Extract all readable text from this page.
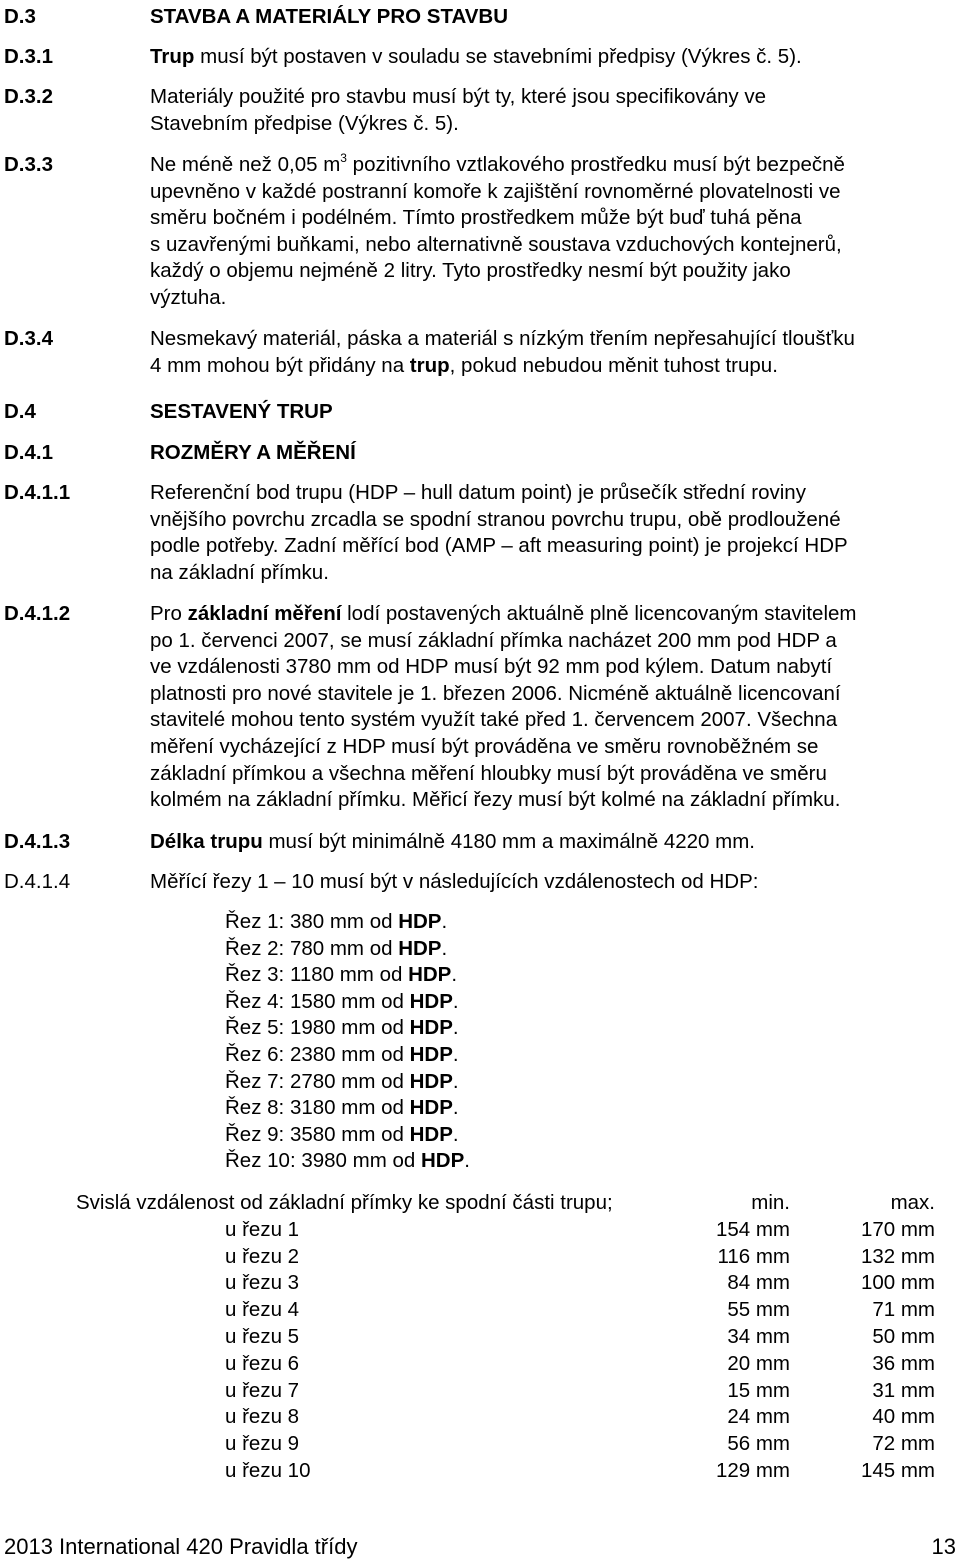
D.3	STAVBA A MATERIÁLY PRO STAVBU
D.3.1	Trup musí být postaven v souladu se stavebními předpisy (Výkres č. 5).
D.3.2	Materiály použité pro stavbu musí být ty, které jsou specifikovány ve
Stavebním předpise (Výkres č. 5).
D.3.3	Ne méně než 0,05 $m^3$ pozitivního vztlakového prostředku musí být bezpečně
upevněno v každé postranní komoře k zajištění rovnoměrné plovatelnosti ve
směru bočném i podélném. Tímto prostředkem může být buď tuhá pěna
s uzavřenými buňkami, nebo alternativně soustava vzduchových kontejnerů,
každý o objemu nejméně 2 litry. Tyto prostředky nesmí být použity jako
výztuha.
D.3.4	Nesmekavý materiál, páska a materiál s nízkým třením nepřesahující tloušťku
4 mm mohou být přidány na trup, pokud nebudou měnit tuhost trupu.
D.4	SESTAVENÝ TRUP
D.4.1	ROZMĚRY A MĚŘENÍ
D.4.1.1	Referenční bod trupu (HDP – hull datum point) je průsečík střední roviny
vnějšího povrchu zrcadla se spodní stranou povrchu trupu, obě prodloužené
podle potřeby. Zadní měřící bod (AMP – aft measuring point) je projekcí HDP
na základní přímku.
D.4.1.2	Pro základní měření lodí postavených aktuálně plně licencovaným stavitelem
po 1. červenci 2007, se musí základní přímka nacházet 200 mm pod HDP a
ve vzdálenosti 3780 mm od HDP musí být 92 mm pod kýlem. Datum nabytí
platnosti pro nové stavitele je 1. březen 2006. Nicméně aktuálně licencovaní
stavitelé mohou tento systém využít také před 1. červencem 2007. Všechna
měření vycházející z HDP musí být prováděna ve směru rovnoběžném se
základní přímkou a všechna měření hloubky musí být prováděna ve směru
kolmém na základní přímku. Měřicí řezy musí být kolmé na základní přímku.
D.4.1.3	Délka trupu musí být minimálně 4180 mm a maximálně 4220 mm.
D.4.1.4	Měřící řezy 1 – 10 musí být v následujících vzdálenostech od HDP:
Řez 1: 380 mm od HDP.
Řez 2: 780 mm od HDP.
Řez 3: 1180 mm od HDP.
Řez 4: 1580 mm od HDP.
Řez 5: 1980 mm od HDP.
Řez 6: 2380 mm od HDP.
Řez 7: 2780 mm od HDP.
Řez 8: 3180 mm od HDP.
Řez 9: 3580 mm od HDP.
Řez 10: 3980 mm od HDP.
Svislá vzdálenost od základní přímky ke spodní části trupu;	min.	max.
u řezu 1	154 mm	170 mm
u řezu 2	116 mm	132 mm
u řezu 3	84 mm	100 mm
u řezu 4	55 mm	71 mm
u řezu 5	34 mm	50 mm
u řezu 6	20 mm	36 mm
u řezu 7	15 mm	31 mm
u řezu 8	24 mm	40 mm
u řezu 9	56 mm	72 mm
u řezu 10	129 mm	145 mm
2013 International 420 Pravidla třídy	13
